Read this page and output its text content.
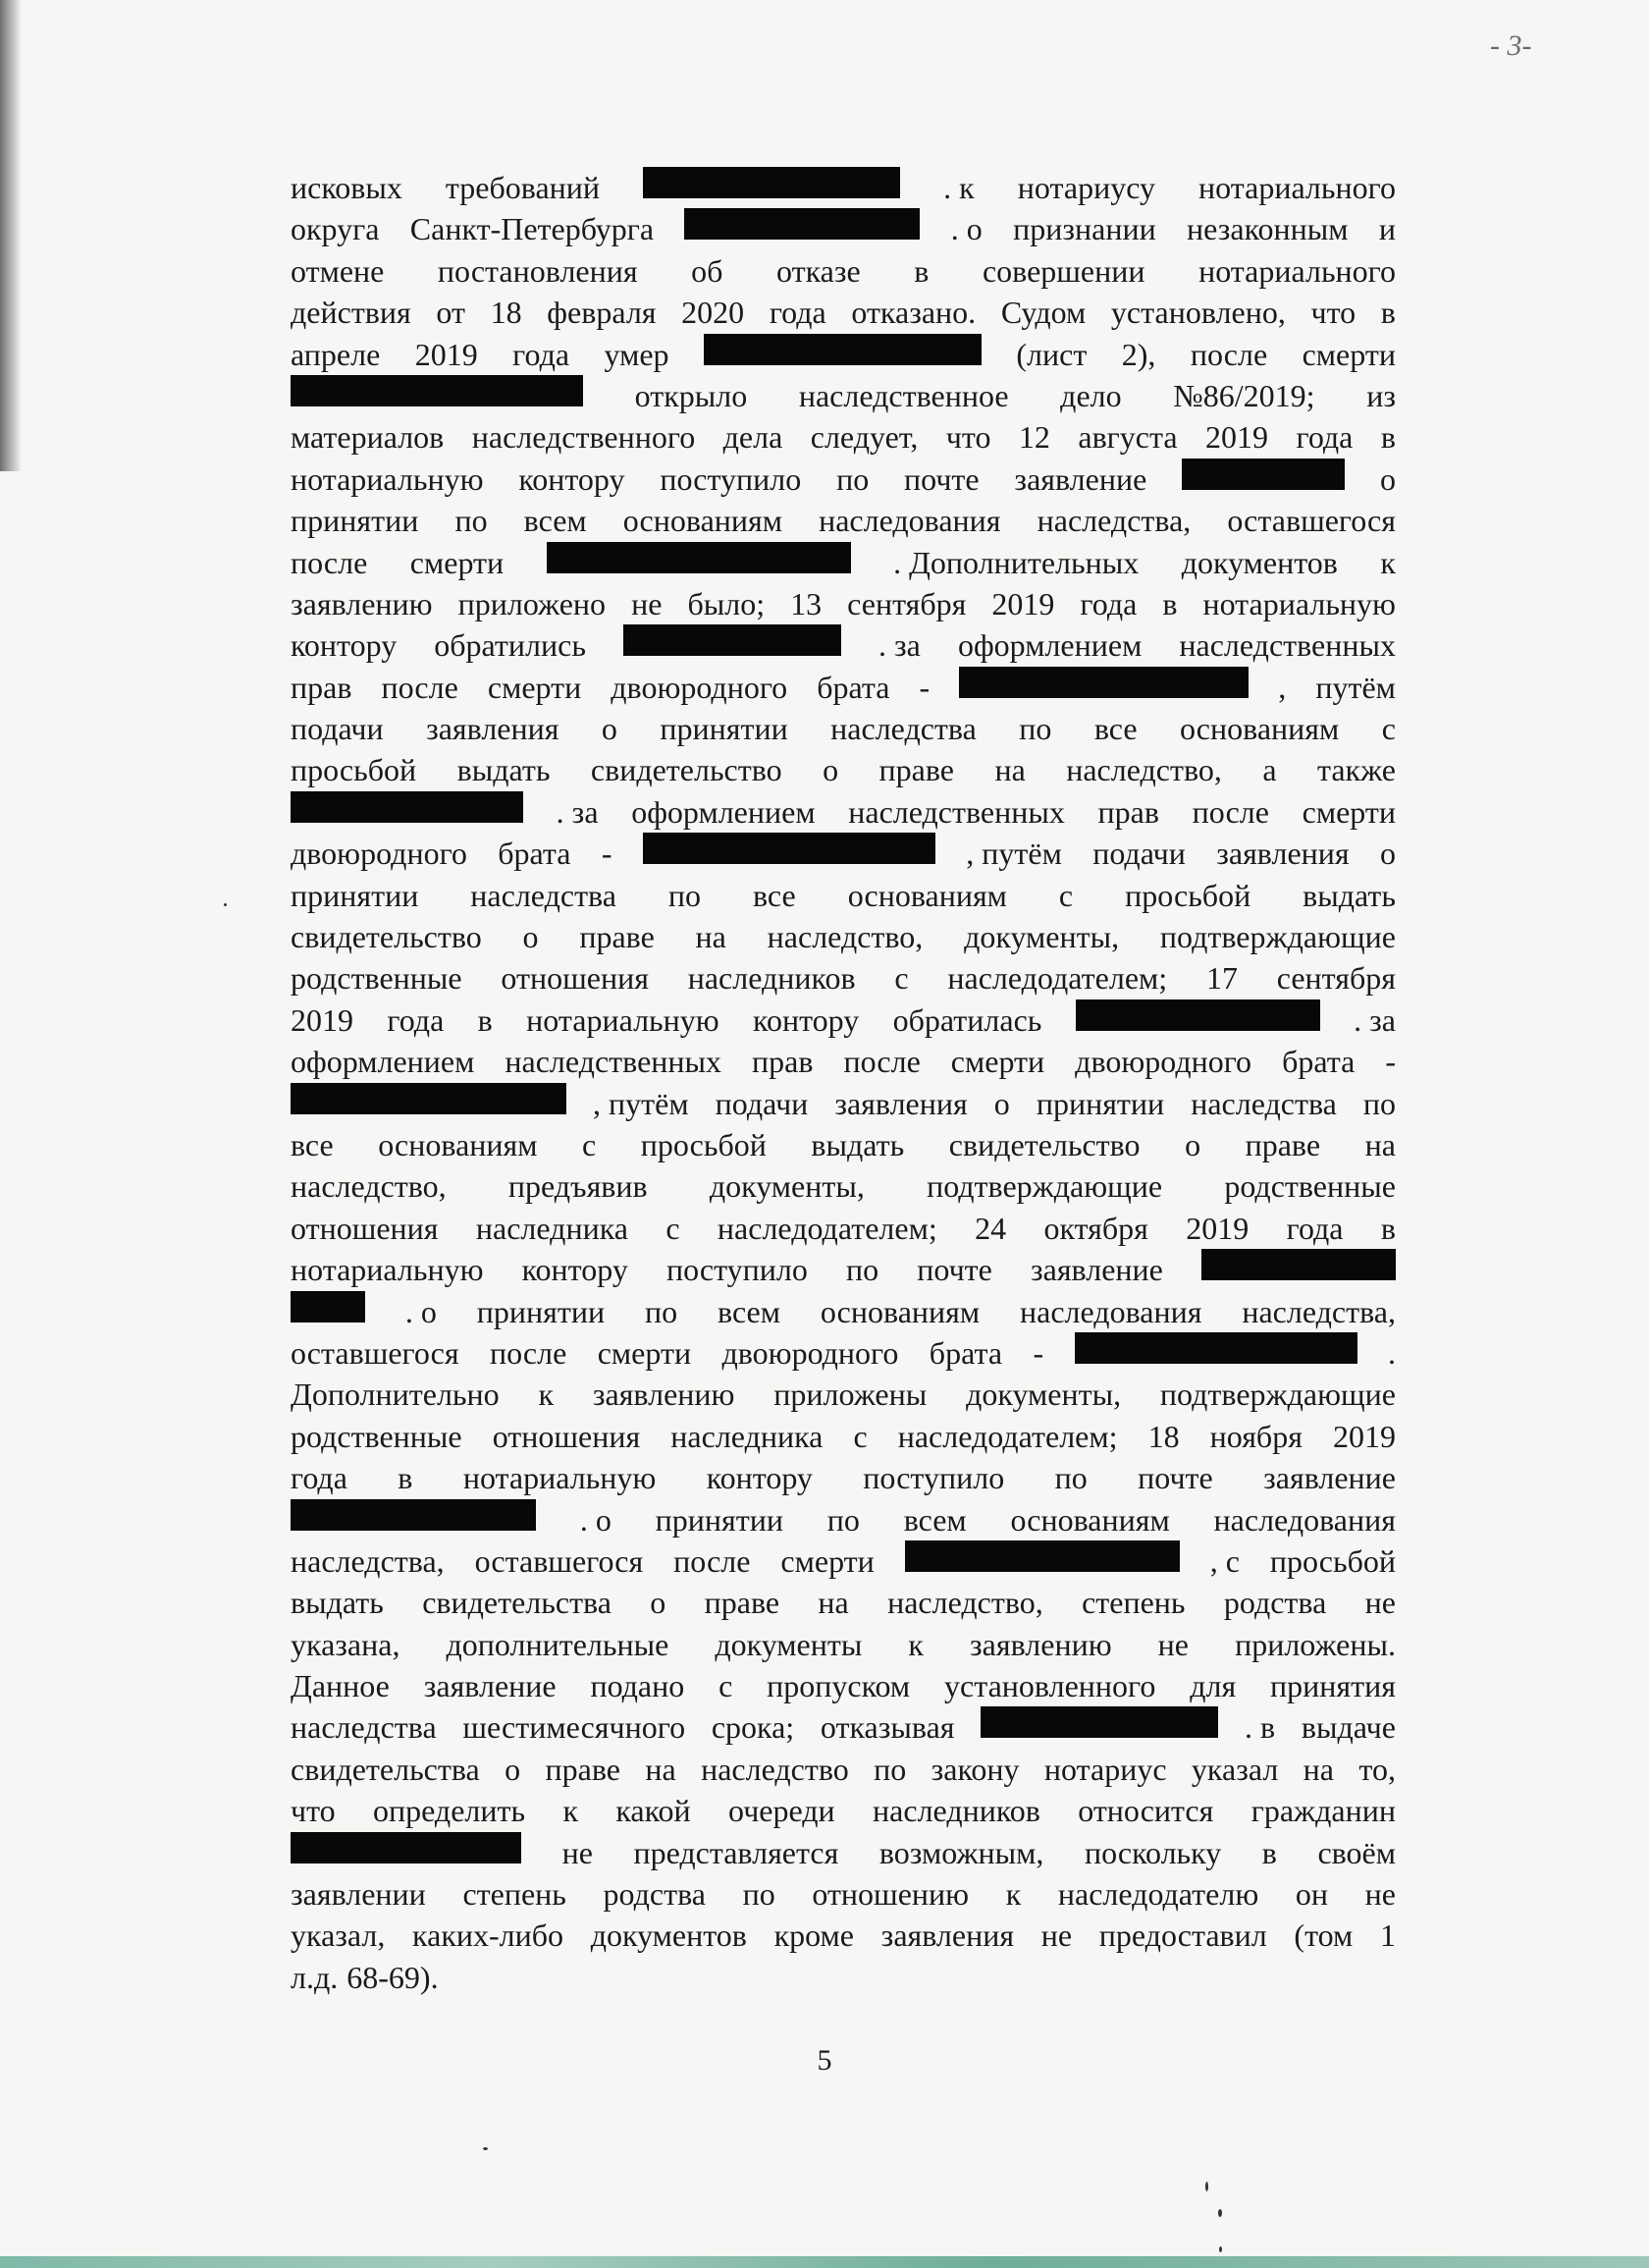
- 3-
исковых требований	. к нотариусу нотариального
округа Санкт-Петербурга	. о признании незаконным и
отмене постановления об отказе в совершении нотариального
действия от 18 февраля 2020 года отказано. Судом установлено, что в
апреле 2019 года умер	(лист 2), после смерти
открыло наследственное дело №86/2019; из
материалов наследственного дела следует, что 12 августа 2019 года в
нотариальную контору поступило по почте заявление	о
принятии по всем основаниям наследования наследства, оставшегося
после смерти	. Дополнительных документов к
заявлению приложено не было; 13 сентября 2019 года в нотариальную
контору обратились	. за оформлением наследственных
прав после смерти двоюродного брата -	, путём
подачи заявления о принятии наследства по все основаниям с
просьбой выдать свидетельство о праве на наследство, а также
. за оформлением наследственных прав после смерти
двоюродного брата -	, путём подачи заявления о
принятии наследства по все основаниям с просьбой выдать
свидетельство о праве на наследство, документы, подтверждающие
родственные отношения наследников с наследодателем; 17 сентября
2019 года в нотариальную контору обратилась	. за
оформлением наследственных прав после смерти двоюродного брата -
, путём подачи заявления о принятии наследства по
все основаниям с просьбой выдать свидетельство о праве на
наследство, предъявив документы, подтверждающие родственные
отношения наследника с наследодателем; 24 октября 2019 года в
нотариальную контору поступило по почте заявление
. о принятии по всем основаниям наследования наследства,
оставшегося после смерти двоюродного брата -	.
Дополнительно к заявлению приложены документы, подтверждающие
родственные отношения наследника с наследодателем; 18 ноября 2019
года в нотариальную контору поступило по почте заявление
. о принятии по всем основаниям наследования
наследства, оставшегося после смерти	, с просьбой
выдать свидетельства о праве на наследство, степень родства не
указана, дополнительные документы к заявлению не приложены.
Данное заявление подано с пропуском установленного для принятия
наследства шестимесячного срока; отказывая	. в выдаче
свидетельства о праве на наследство по закону нотариус указал на то,
что определить к какой очереди наследников относится гражданин
не представляется возможным, поскольку в своём
заявлении степень родства по отношению к наследодателю он не
указал, каких-либо документов кроме заявления не предоставил (том 1
л.д. 68-69).
5
